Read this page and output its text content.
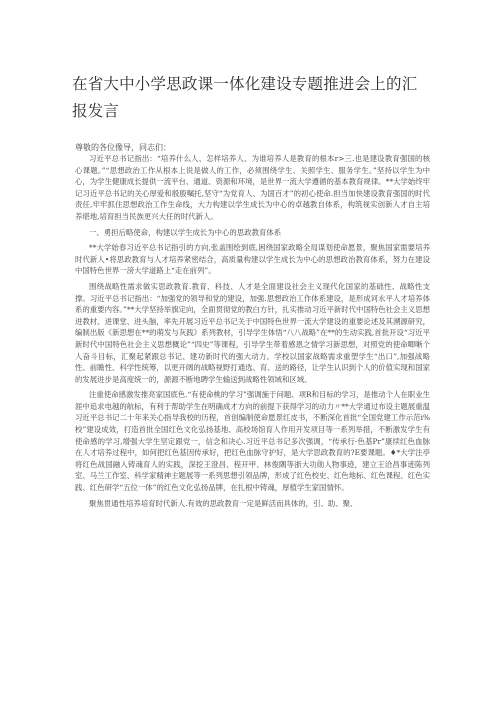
在省大中小学思政课一体化建设专题推进会上的汇报发言
尊敬的各位像导，同志们：

习近平总书记指出：“培养什么人、怎样培养人、为谁培养人是教育的根本r>三.也是建设教育强国的核心课题。”“思想政治工作从根本上说是做人的工作，必须围绕学生、关照学生、服务学生。”坚持以学生为中心，为学生健康成长提供一流平台、通道、资源和环境，是世界一流大学遵循的基本教育规律。**大学始终牢记习近平总书记的关心厚爱和殷殷嘱托,坚守“为党育人、为国百才”的初心使命.担当加快建设教育强国的时代责任,牢牢抓住思想政治工作生命线，大力构建以学生成长为中心的卓越教自体系，构筑视实创新人才自主培养堪地,培育担当民族更兴大任的时代新人。

一、勇担后略使命，构建以学生成长为中心的思政教育体系

**大学始春习近平总书记指引的方向,张盖围绘到底,困绕国家政略全局谋划使命愿景，聚焦国家需要培养时代新人•将思政教育与人才培养紧密结合，高质量构建以学生成长为中心的思想政治教育体系，努力在建设中国特色世界一滂大学道路上“走在前列”。

围绕战略性需求做实思政教育.教育、科技、人才是全面建设社会主义现代化国家的基础性、战略性支撑。习近平总书记指出：“加强党的领导和党的建设，加强.思想政治工作体系建设，是形成诃永平人才培养体系的重要内容。”**大学坚持举旗定向，全面贯彻党的教白方针，扎实推动习近平新时代中国特色社会主义思想进教材、进课堂、进头脑，率先开展习近平总书记关于中国特色世界一流大学建设的重要论述及其溯源研究，编制出版《新思想在**的萌发与灰践》系列教材，引导学生体悟“八八战略”在**的生动实践,首批开设“习近平新时代中国特色社会主义思想概论”“四史”等课程，引导学生带着感恩之情学习新思想，对照党的使命唧晰个人奋斗目标，汇聚起紧跟总书记、建功新时代的强大动力。学校以国家战略需求重塑学生“出口”,加强战略性、前瞻性、科学性统筹，以更开阔的战略视野打通选、育、送的路径，让学生认识到个人的价值实现和国家的发展进步是高度统一的，源源不断地聘学生输送到战略性领域和区域。

注重使命感激发推亮家国底色.“有使命桃的学习”强调施于问题、项R和目标的学习，是推动个人在职业生涯中追求电越的航标，有利于帮助学生在明确成才方向的前提下获得学习的动力〃**大学通过布设主题展重温习近平总书记二十年来关心指导我校的历程，首创编制使命愿景红皮书，不断深化首批“全国党建工作示范i%校”建设成效，打造首批全国红色文化弘扬基地、高校场馆育人作用开发项目等一系列举措，不断激发学生有使命感的学习,增强大学生坚定跟党一，信念和决心.习近平总书记多次强调，“传承行-色基Pr”康续红色血脉在人才培养过程中，如何把红色基因传承好，把红色血脉守护好，是大学思政教育的?E要课题。♦*大学注亭将红色战国融入铸魂育人的实践，深挖王澄昌、程开甲、林俊隅等浙大功勋人物事迹，建立王洽昌事迹陈列室、马兰工作室、科学家精神主题展等一系列思想引领品牌，形成了红色校史、红色地标、红色课程、红色实践、红色研学“五位一体”的红色文化弘扬品牌，在扎根中铸魂，厚植学生家国情怀。

聚焦贯通性培养培育时代新人.有效的思政教育一定是鲜活而具体的，引、助、聚、
